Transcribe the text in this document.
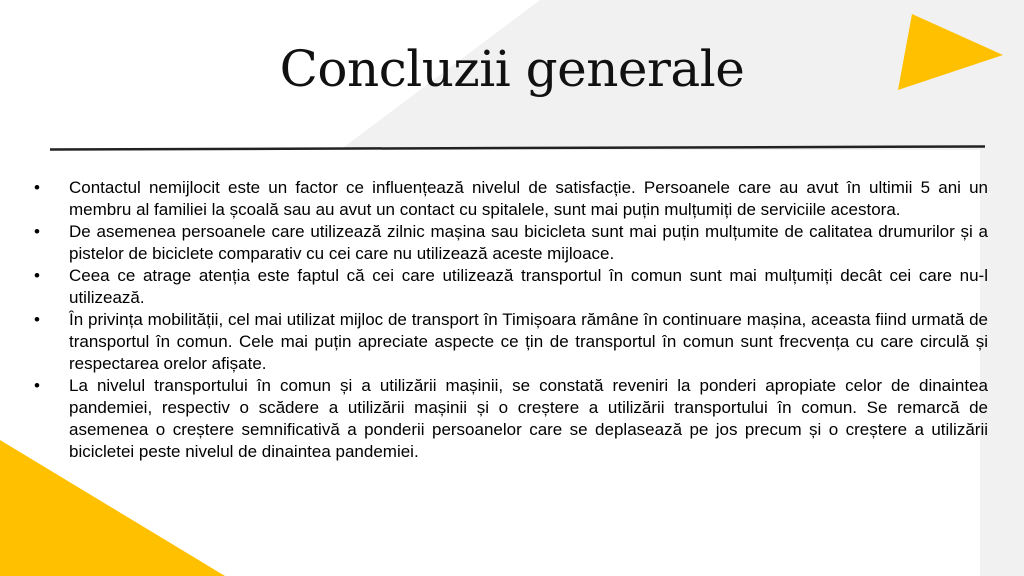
Concluzii generale
•	Contactul nemijlocit este un factor ce influențează nivelul de satisfacție. Persoanele care au avut în ultimii 5 ani un membru al familiei la școală sau au avut un contact cu spitalele, sunt mai puțin mulțumiți de serviciile acestora.
•	De asemenea persoanele care utilizează zilnic mașina sau bicicleta sunt mai puțin mulțumite de calitatea drumurilor și a pistelor de biciclete comparativ cu cei care nu utilizează aceste mijloace.
•	Ceea ce atrage atenția este faptul că cei care utilizează transportul în comun sunt mai mulțumiți decât cei care nu-l utilizează.
•	În privința mobilității, cel mai utilizat mijloc de transport în Timișoara rămâne în continuare mașina, aceasta fiind urmată de transportul în comun. Cele mai puțin apreciate aspecte ce țin de transportul în comun sunt frecvența cu care circulă și respectarea orelor afișate.
•	La nivelul transportului în comun și a utilizării mașinii, se constată reveniri la ponderi apropiate celor de dinaintea pandemiei, respectiv o scădere a utilizării mașinii și o creștere a utilizării transportului în comun. Se remarcă de asemenea o creștere semnificativă a ponderii persoanelor care se deplasează pe jos precum și o creștere a utilizării bicicletei peste nivelul de dinaintea pandemiei.
